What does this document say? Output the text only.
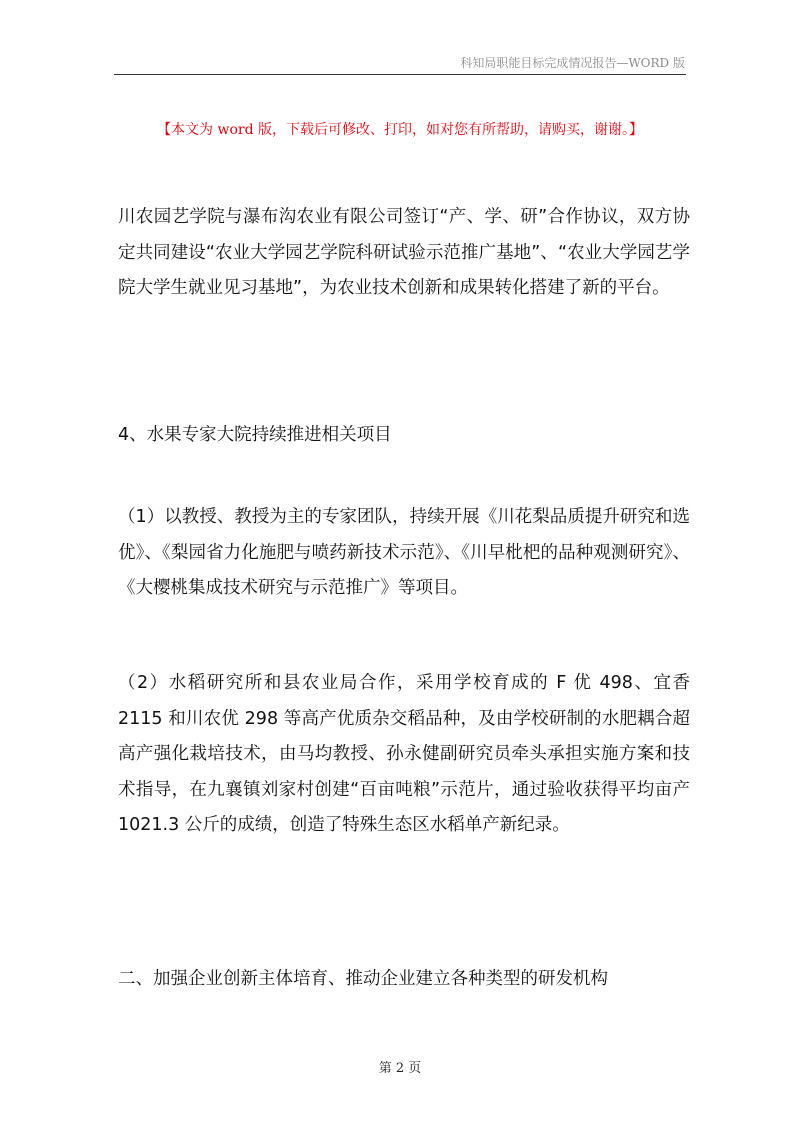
科知局职能目标完成情况报告—WORD 版
【本文为 word 版，下载后可修改、打印，如对您有所帮助，请购买，谢谢。】

川农园艺学院与瀑布沟农业有限公司签订“产、学、研”合作协议，双方协定共同建设“农业大学园艺学院科研试验示范推广基地”、“农业大学园艺学院大学生就业见习基地”，为农业技术创新和成果转化搭建了新的平台。

4、水果专家大院持续推进相关项目

（1）以教授、教授为主的专家团队，持续开展《川花梨品质提升研究和选优》、《梨园省力化施肥与喷药新技术示范》、《川早枇杷的品种观测研究》、《大樱桃集成技术研究与示范推广》等项目。

（2）水稻研究所和县农业局合作，采用学校育成的 F 优 498、宜香 2115 和川农优 298 等高产优质杂交稻品种，及由学校研制的水肥耦合超高产强化栽培技术，由马均教授、孙永健副研究员牵头承担实施方案和技术指导，在九襄镇刘家村创建“百亩吨粮”示范片，通过验收获得平均亩产 1021.3 公斤的成绩，创造了特殊生态区水稻单产新纪录。

二、加强企业创新主体培育、推动企业建立各种类型的研发机构

第 2 页
